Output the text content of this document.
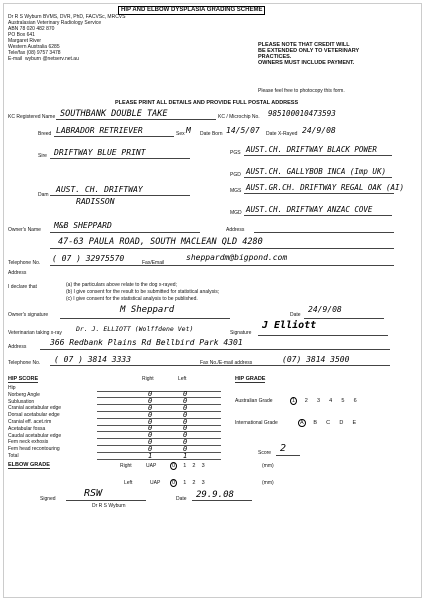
HIP AND ELBOW DYSPLASIA GRADING SCHEME
Dr R S Wyburn BVMS, DVR, PhD, FACVSc, MRCVS
Australasian Veterinary Radiology Service
ABN 78 020 482 870
PO Box 641
Margaret River
Western Australia 6285
Tele/fax (08) 9757 3478
E-mail wyburn @netserv.net.au
PLEASE NOTE THAT CREDIT WILL
BE EXTENDED ONLY TO VETERINARY
PRACTICES.
OWNERS MUST INCLUDE PAYMENT.
Please feel free to photocopy this form.
PLEASE PRINT ALL DETAILS AND PROVIDE FULL POSTAL ADDRESS
KC Registered Name SOUTHBANK DOUBLE TAKE	KC / Microchip No. 985100010473593
Breed LABRADOR RETRIEVER	Sex M Date Born 14/5/07 Date X-Rayed 24/9/08
Sire DRIFTWAY BLUE PRINT	PGS AUST.CH. DRIFTWAY BLACK POWER
PGD AUST.CH. GALLYBOB INCA (Imp UK)
Dam
AUST. CH. DRIFTWAY
RADISSON
MGS AUST.GR.CH. DRIFTWAY REGAL OAK (AI)
MGD AUST.CH. DRIFTWAY ANZAC COVE
Owner's Name M&B SHEPPARD	Address
47-63 PAULA ROAD, SOUTH MACLEAN QLD 4280
Telephone No. ( 07 ) 32975570	Fax/Email
sheppardm@bigpond.com
Address
I declare that	(a) the particulars above relate to the dog x-rayed;
(b) I give consent for the result to be submitted for statistical analysis;
(c) I give consent for the statistical analysis to be published.
Owner's signature	M Sheppard	Date
24/9/08
Veterinarian taking x-ray Dr. J. ELLIOTT (Wolffdene Vet)	Signature
J Elliott
Address	366 Redbank Plains Rd Bellbird Park 4301
Telephone No. ( 07 ) 3814 3333	Fax No./E-mail address	(07) 3814 3500
HIP SCORE	Right	Left
Hip
Norberg Angle	0	0
Subluxation	0	0
Cranial acetabular edge	0	0
Dorsal acetabular edge	0	0
Cranial eff. acet.rim	0	0
Acetabular fossa	0	0
Caudal acetabular edge	0	0
Fem neck exhosis	0	0
Fem head recontouring	0	0
Total	1	1
HIP GRADE
Australian Grade	1 2 3 4 5 6
International Grade	A B C D E
Score 2
ELBOW GRADE	Right	UAP	0 1 2 3	(mm)
Left	UAP	0 1 2 3	(mm)
Signed	RSW
Dr R S Wyburn
Date 29.9.08
